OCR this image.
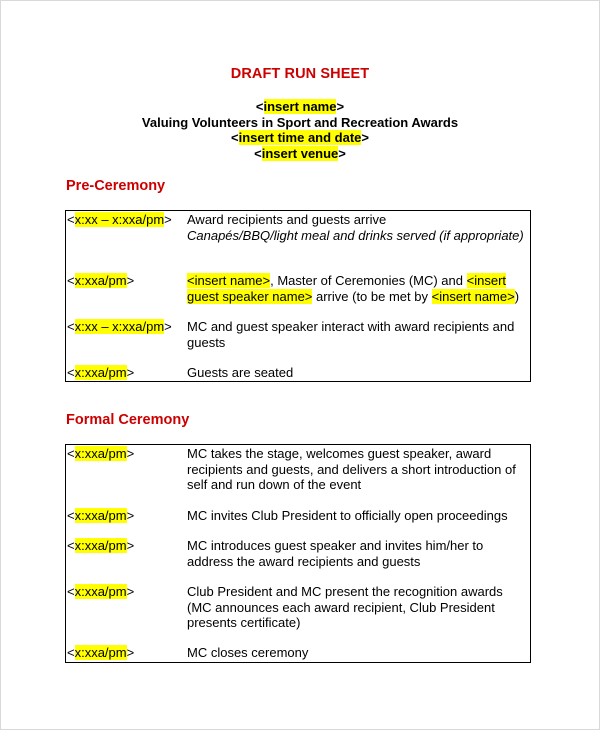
DRAFT RUN SHEET
<insert name>
Valuing Volunteers in Sport and Recreation Awards
<insert time and date>
<insert venue>
Pre-Ceremony
<x:xx – x:xxa/pm>	Award recipients and guests arrive
Canapés/BBQ/light meal and drinks served (if appropriate)
<x:xxa/pm>	<insert name>, Master of Ceremonies (MC) and <insert guest speaker name> arrive (to be met by <insert name>)
<x:xx – x:xxa/pm>	MC and guest speaker interact with award recipients and guests
<x:xxa/pm>	Guests are seated
Formal Ceremony
<x:xxa/pm>	MC takes the stage, welcomes guest speaker, award recipients and guests, and delivers a short introduction of self and run down of the event
<x:xxa/pm>	MC invites Club President to officially open proceedings
<x:xxa/pm>	MC introduces guest speaker and invites him/her to address the award recipients and guests
<x:xxa/pm>	Club President and MC present the recognition awards (MC announces each award recipient, Club President presents certificate)
<x:xxa/pm>	MC closes ceremony
